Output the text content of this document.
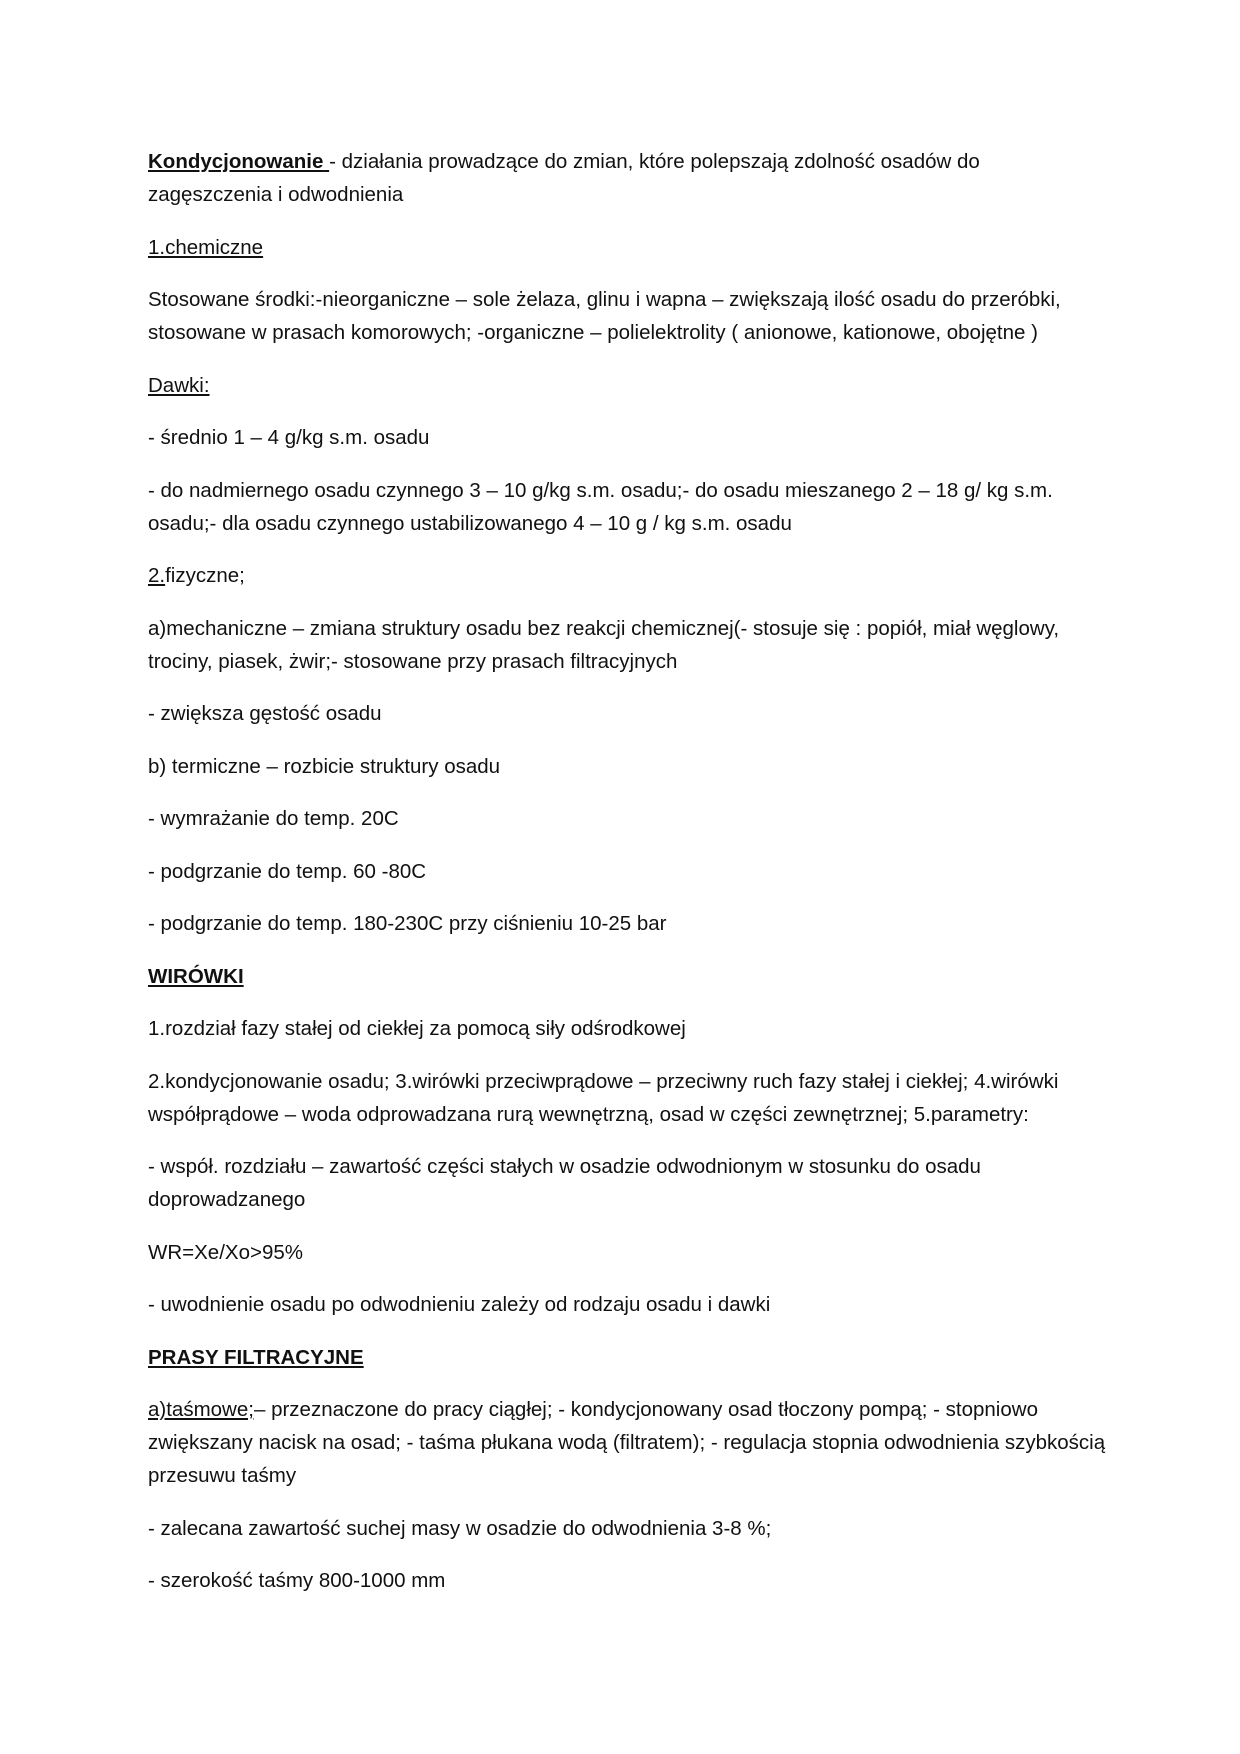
Kondycjonowanie - działania prowadzące do zmian, które polepszają zdolność osadów do zagęszczenia i odwodnienia

1.chemiczne

Stosowane środki:-nieorganiczne – sole żelaza, glinu i wapna – zwiększają ilość osadu do przeróbki, stosowane w prasach komorowych; -organiczne – polielektrolity ( anionowe, kationowe, obojętne )

Dawki:

- średnio 1 – 4 g/kg s.m. osadu

- do nadmiernego osadu czynnego 3 – 10 g/kg s.m. osadu;- do osadu mieszanego 2 – 18 g/ kg s.m. osadu;- dla osadu czynnego ustabilizowanego 4 – 10 g / kg s.m. osadu

2.fizyczne;

a)mechaniczne – zmiana struktury osadu bez reakcji chemicznej(- stosuje się : popiół, miał węglowy, trociny, piasek, żwir;- stosowane przy prasach filtracyjnych

- zwiększa gęstość osadu

b) termiczne – rozbicie struktury osadu

- wymrażanie do temp. 20C

- podgrzanie do temp. 60 -80C

- podgrzanie do temp. 180-230C przy ciśnieniu 10-25 bar

WIRÓWKI

1.rozdział fazy stałej od ciekłej za pomocą siły odśrodkowej

2.kondycjonowanie osadu; 3.wirówki przeciwprądowe – przeciwny ruch fazy stałej i ciekłej; 4.wirówki współprądowe – woda odprowadzana rurą wewnętrzną, osad w części zewnętrznej; 5.parametry:

- współ. rozdziału – zawartość części stałych w osadzie odwodnionym w stosunku do osadu doprowadzanego

WR=Xe/Xo>95%

- uwodnienie osadu po odwodnieniu zależy od rodzaju osadu i dawki

PRASY FILTRACYJNE

a)taśmowe;– przeznaczone do pracy ciągłej; - kondycjonowany osad tłoczony pompą; - stopniowo zwiększany nacisk na osad; - taśma płukana wodą (filtratem); - regulacja stopnia odwodnienia szybkością przesuwu taśmy

- zalecana zawartość suchej masy w osadzie do odwodnienia 3-8 %;

- szerokość taśmy 800-1000 mm
